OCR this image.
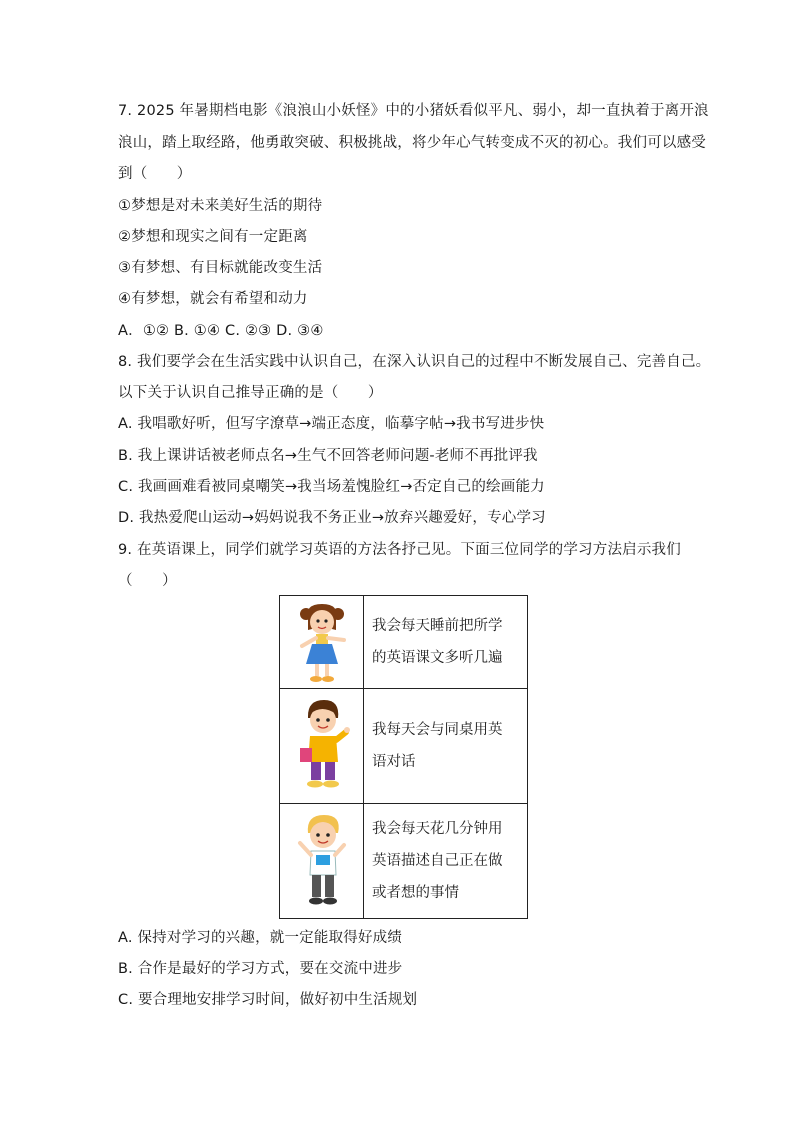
7. 2025 年暑期档电影《浪浪山小妖怪》中的小猪妖看似平凡、弱小，却一直执着于离开浪
浪山，踏上取经路，他勇敢突破、积极挑战，将少年心气转变成不灭的初心。我们可以感受
到（　　）
①梦想是对未来美好生活的期待
②梦想和现实之间有一定距离
③有梦想、有目标就能改变生活
④有梦想，就会有希望和动力
A．①② B. ①④ C. ②③ D. ③④
8. 我们要学会在生活实践中认识自己，在深入认识自己的过程中不断发展自己、完善自己。
以下关于认识自己推导正确的是（　　）
A. 我唱歌好听，但写字潦草→端正态度，临摹字帖→我书写进步快
B. 我上课讲话被老师点名→生气不回答老师问题-老师不再批评我
C. 我画画难看被同桌嘲笑→我当场羞愧脸红→否定自己的绘画能力
D. 我热爱爬山运动→妈妈说我不务正业→放弃兴趣爱好，专心学习
9. 在英语课上，同学们就学习英语的方法各抒己见。下面三位同学的学习方法启示我们
（　　）

我会每天睡前把所学
的英语课文多听几遍

我每天会与同桌用英
语对话

我会每天花几分钟用
英语描述自己正在做
或者想的事情
A. 保持对学习的兴趣，就一定能取得好成绩
B. 合作是最好的学习方式，要在交流中进步
C. 要合理地安排学习时间，做好初中生活规划
